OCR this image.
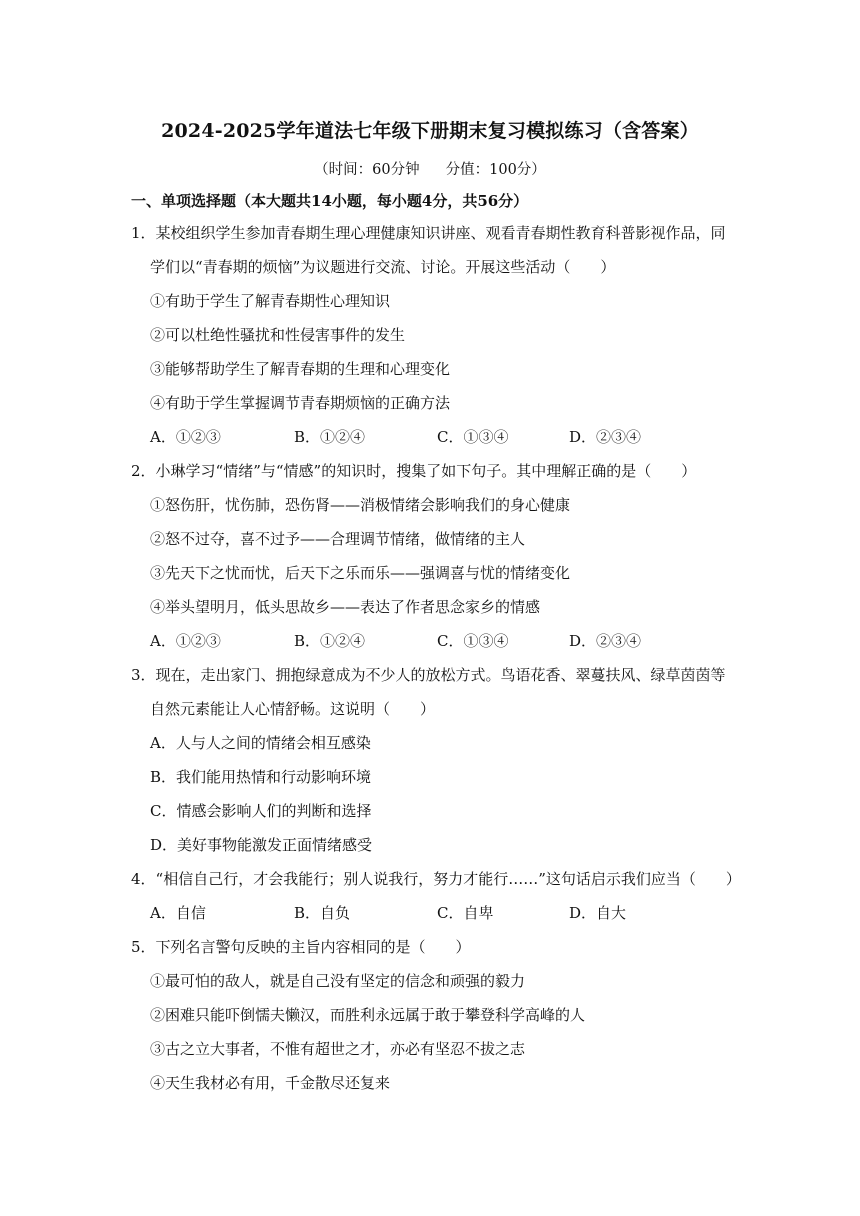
2024-2025学年道法七年级下册期末复习模拟练习（含答案）
（时间：60分钟 分值：100分）
一、单项选择题（本大题共14小题，每小题4分，共56分）
1．某校组织学生参加青春期生理心理健康知识讲座、观看青春期性教育科普影视作品，同
学们以“青春期的烦恼”为议题进行交流、讨论。开展这些活动（　　）
①有助于学生了解青春期性心理知识
②可以杜绝性骚扰和性侵害事件的发生
③能够帮助学生了解青春期的生理和心理变化
④有助于学生掌握调节青春期烦恼的正确方法
A．①②③	B．①②④	C．①③④	D．②③④
2．小琳学习“情绪”与“情感”的知识时，搜集了如下句子。其中理解正确的是（　　）
①怒伤肝，忧伤肺，恐伤肾——消极情绪会影响我们的身心健康
②怒不过夺，喜不过予——合理调节情绪，做情绪的主人
③先天下之忧而忧，后天下之乐而乐——强调喜与忧的情绪变化
④举头望明月，低头思故乡——表达了作者思念家乡的情感
A．①②③	B．①②④	C．①③④	D．②③④
3．现在，走出家门、拥抱绿意成为不少人的放松方式。鸟语花香、翠蔓扶风、绿草茵茵等
自然元素能让人心情舒畅。这说明（　　）
A．人与人之间的情绪会相互感染
B．我们能用热情和行动影响环境
C．情感会影响人们的判断和选择
D．美好事物能激发正面情绪感受
4．“相信自己行，才会我能行；别人说我行，努力才能行……”这句话启示我们应当（　　）
A．自信	B．自负	C．自卑	D．自大
5．下列名言警句反映的主旨内容相同的是（　　）
①最可怕的敌人，就是自己没有坚定的信念和顽强的毅力
②困难只能吓倒懦夫懒汉，而胜利永远属于敢于攀登科学高峰的人
③古之立大事者，不惟有超世之才，亦必有坚忍不拔之志
④天生我材必有用，千金散尽还复来
